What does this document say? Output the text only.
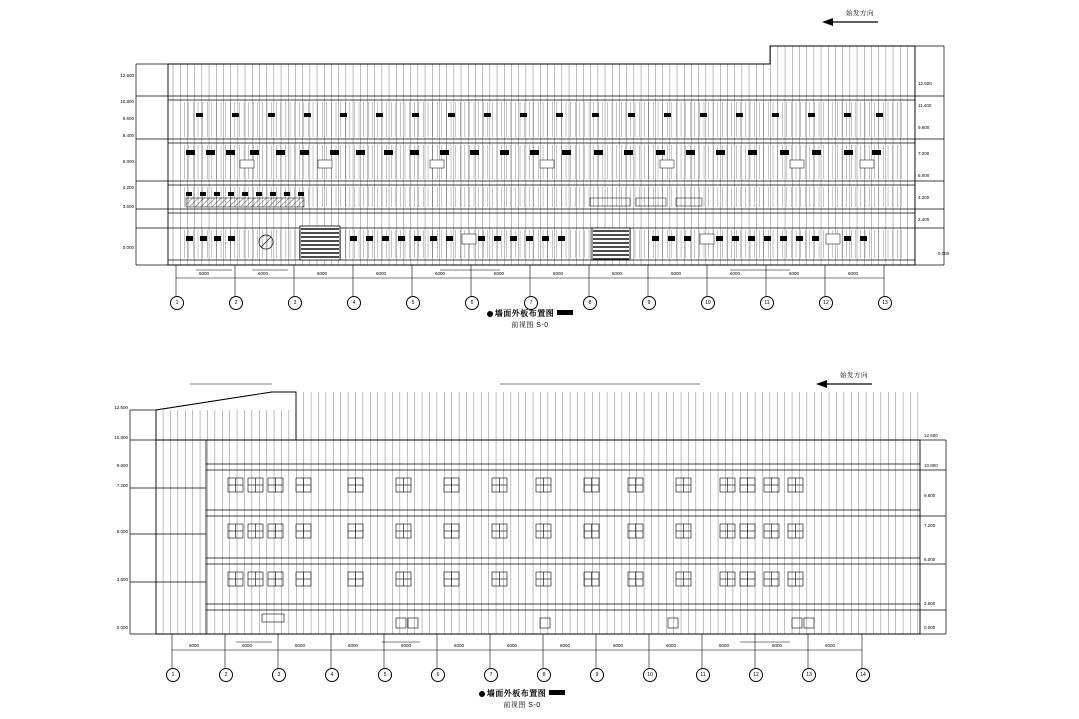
始发方向
1	2	3	4	5	6	7	8	9	10	11	12	13
6000	6000	6000	6000	6000	6000	6000	6000	6000	6000	6000	6000
12.600
10.800
9.600
8.400
6.000
4.200
3.600
0.000
12.600
11.400
9.600
7.200
6.000
4.200
2.400
0.000
墙面外板布置图
前视图 S-0
始发方向
1	2	3	4	5	6	7	8	9	10	11	12	13	14
6000	6000	6000	6000	6000	6000	6000	6000	6000	6000	6000	6000	6000
12.600
10.800
9.600
7.200
6.000
3.600
0.000
12.600
10.800
9.600
7.200
6.000
3.600
0.000
墙面外板布置图
前视图 S-0
